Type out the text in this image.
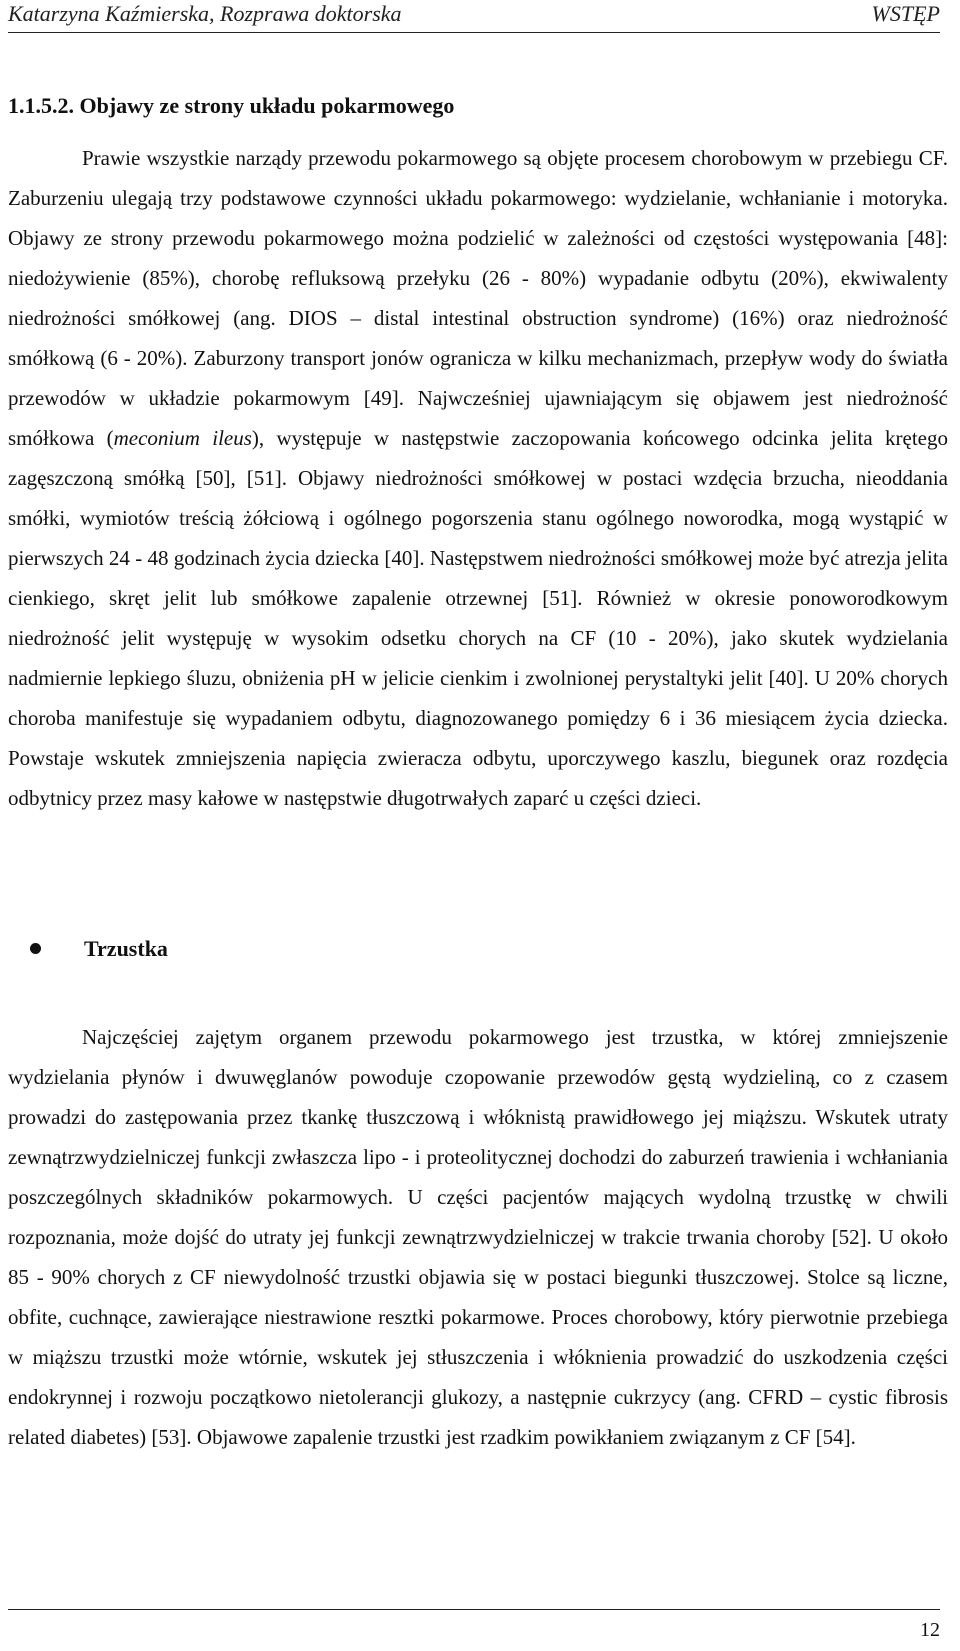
Katarzyna Kaźmierska, Rozprawa doktorska	WSTĘP
1.1.5.2. Objawy ze strony układu pokarmowego

Prawie wszystkie narządy przewodu pokarmowego są objęte procesem chorobowym w przebiegu CF. Zaburzeniu ulegają trzy podstawowe czynności układu pokarmowego: wydzielanie, wchłanianie i motoryka. Objawy ze strony przewodu pokarmowego można podzielić w zależności od częstości występowania [48]: niedożywienie (85%), chorobę refluksową przełyku (26 - 80%) wypadanie odbytu (20%), ekwiwalenty niedrożności smółkowej (ang. DIOS – distal intestinal obstruction syndrome) (16%) oraz niedrożność smółkową (6 - 20%). Zaburzony transport jonów ogranicza w kilku mechanizmach, przepływ wody do światła przewodów w układzie pokarmowym [49]. Najwcześniej ujawniającym się objawem jest niedrożność smółkowa (meconium ileus), występuje w następstwie zaczopowania końcowego odcinka jelita krętego zagęszczoną smółką [50], [51]. Objawy niedrożności smółkowej w postaci wzdęcia brzucha, nieoddania smółki, wymiotów treścią żółciową i ogólnego pogorszenia stanu ogólnego noworodka, mogą wystąpić w pierwszych 24 - 48 godzinach życia dziecka [40]. Następstwem niedrożności smółkowej może być atrezja jelita cienkiego, skręt jelit lub smółkowe zapalenie otrzewnej [51]. Również w okresie ponoworodkowym niedrożność jelit występuję w wysokim odsetku chorych na CF (10 - 20%), jako skutek wydzielania nadmiernie lepkiego śluzu, obniżenia pH w jelicie cienkim i zwolnionej perystaltyki jelit [40]. U 20% chorych choroba manifestuje się wypadaniem odbytu, diagnozowanego pomiędzy 6 i 36 miesiącem życia dziecka. Powstaje wskutek zmniejszenia napięcia zwieracza odbytu, uporczywego kaszlu, biegunek oraz rozdęcia odbytnicy przez masy kałowe w następstwie długotrwałych zaparć u części dzieci.

Trzustka

Najczęściej zajętym organem przewodu pokarmowego jest trzustka, w której zmniejszenie wydzielania płynów i dwuwęglanów powoduje czopowanie przewodów gęstą wydzieliną, co z czasem prowadzi do zastępowania przez tkankę tłuszczową i włóknistą prawidłowego jej miąższu. Wskutek utraty zewnątrzwydzielniczej funkcji zwłaszcza lipo - i proteolitycznej dochodzi do zaburzeń trawienia i wchłaniania poszczególnych składników pokarmowych. U części pacjentów mających wydolną trzustkę w chwili rozpoznania, może dojść do utraty jej funkcji zewnątrzwydzielniczej w trakcie trwania choroby [52]. U około 85 - 90% chorych z CF niewydolność trzustki objawia się w postaci biegunki tłuszczowej. Stolce są liczne, obfite, cuchnące, zawierające niestrawione resztki pokarmowe. Proces chorobowy, który pierwotnie przebiega w miąższu trzustki może wtórnie, wskutek jej stłuszczenia i włóknienia prowadzić do uszkodzenia części endokrynnej i rozwoju początkowo nietolerancji glukozy, a następnie cukrzycy (ang. CFRD – cystic fibrosis related diabetes) [53]. Objawowe zapalenie trzustki jest rzadkim powikłaniem związanym z CF [54].

12
